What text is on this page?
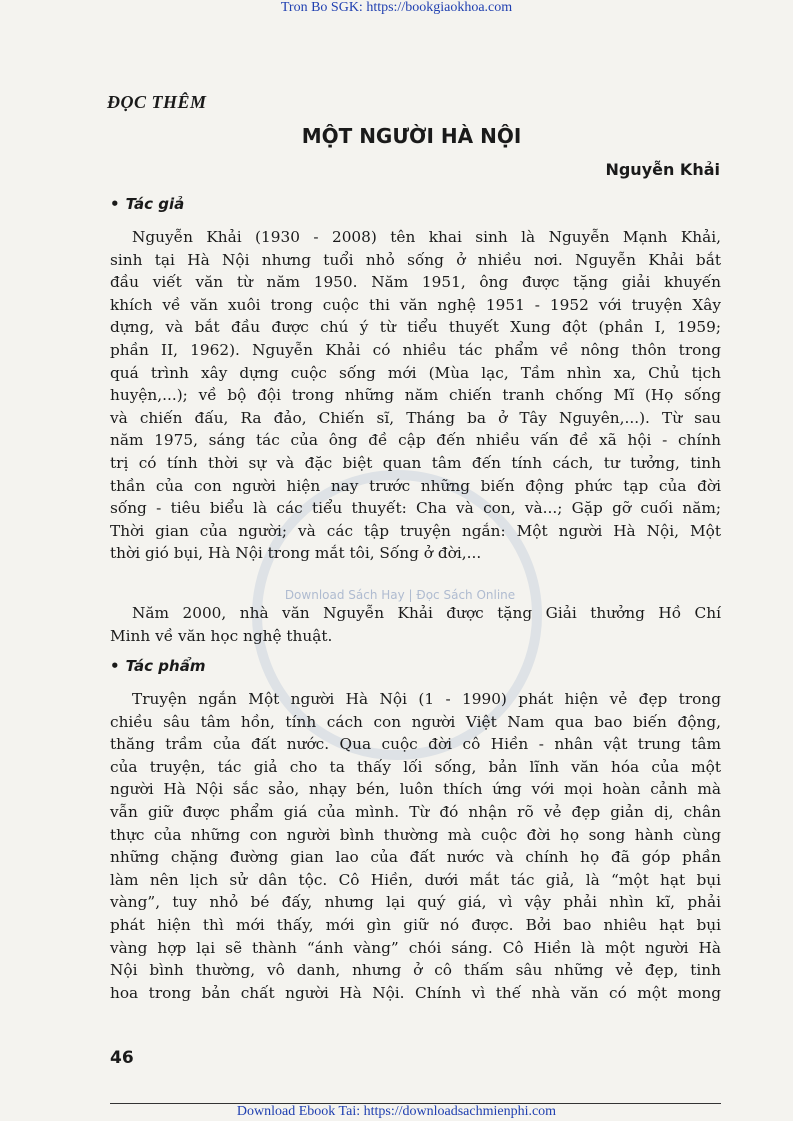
Tron Bo SGK: https://bookgiaokhoa.com
Download Sách Hay | Đọc Sách Online
ĐỌC THÊM
MỘT NGƯỜI HÀ NỘI
Nguyễn Khải
• Tác giả
Nguyễn Khải (1930 - 2008) tên khai sinh là Nguyễn Mạnh Khải,
sinh tại Hà Nội nhưng tuổi nhỏ sống ở nhiều nơi. Nguyễn Khải bắt
đầu viết văn từ năm 1950. Năm 1951, ông được tặng giải khuyến
khích về văn xuôi trong cuộc thi văn nghệ 1951 - 1952 với truyện Xây
dựng, và bắt đầu được chú ý từ tiểu thuyết Xung đột (phần I, 1959;
phần II, 1962). Nguyễn Khải có nhiều tác phẩm về nông thôn trong
quá trình xây dựng cuộc sống mới (Mùa lạc, Tầm nhìn xa, Chủ tịch
huyện,...); về bộ đội trong những năm chiến tranh chống Mĩ (Họ sống
và chiến đấu, Ra đảo, Chiến sĩ, Tháng ba ở Tây Nguyên,...). Từ sau
năm 1975, sáng tác của ông đề cập đến nhiều vấn đề xã hội - chính
trị có tính thời sự và đặc biệt quan tâm đến tính cách, tư tưởng, tinh
thần của con người hiện nay trước những biến động phức tạp của đời
sống - tiêu biểu là các tiểu thuyết: Cha và con, và...; Gặp gỡ cuối năm;
Thời gian của người; và các tập truyện ngắn: Một người Hà Nội, Một
thời gió bụi, Hà Nội trong mắt tôi, Sống ở đời,...
Năm 2000, nhà văn Nguyễn Khải được tặng Giải thưởng Hồ Chí
Minh về văn học nghệ thuật.
• Tác phẩm
Truyện ngắn Một người Hà Nội (1 - 1990) phát hiện vẻ đẹp trong
chiều sâu tâm hồn, tính cách con người Việt Nam qua bao biến động,
thăng trầm của đất nước. Qua cuộc đời cô Hiền - nhân vật trung tâm
của truyện, tác giả cho ta thấy lối sống, bản lĩnh văn hóa của một
người Hà Nội sắc sảo, nhạy bén, luôn thích ứng với mọi hoàn cảnh mà
vẫn giữ được phẩm giá của mình. Từ đó nhận rõ vẻ đẹp giản dị, chân
thực của những con người bình thường mà cuộc đời họ song hành cùng
những chặng đường gian lao của đất nước và chính họ đã góp phần
làm nên lịch sử dân tộc. Cô Hiền, dưới mắt tác giả, là “một hạt bụi
vàng”, tuy nhỏ bé đấy, nhưng lại quý giá, vì vậy phải nhìn kĩ, phải
phát hiện thì mới thấy, mới gìn giữ nó được. Bởi bao nhiêu hạt bụi
vàng hợp lại sẽ thành “ánh vàng” chói sáng. Cô Hiền là một người Hà
Nội bình thường, vô danh, nhưng ở cô thấm sâu những vẻ đẹp, tinh
hoa trong bản chất người Hà Nội. Chính vì thế nhà văn có một mong
46
Download Ebook Tai: https://downloadsachmienphi.com
